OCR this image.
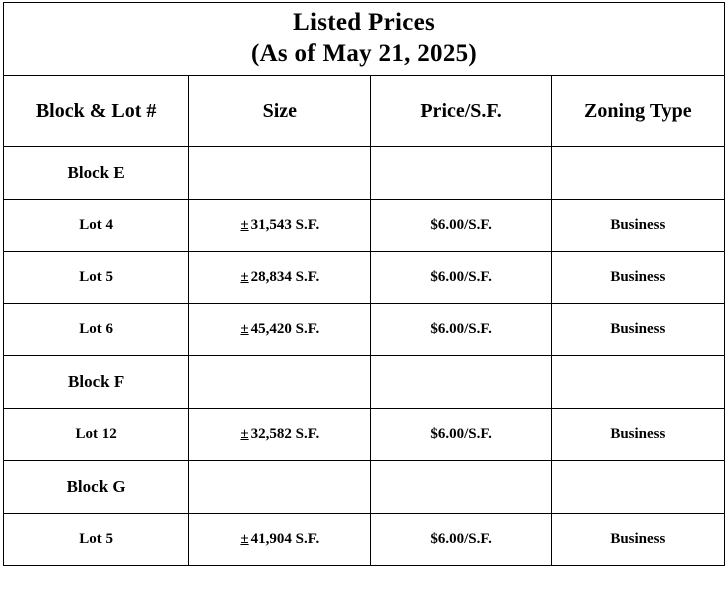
Listed Prices
(As of May 21, 2025)			

Block & Lot #	Size	Price/S.F.	Zoning Type
Block E			
Lot 4	± 31,543 S.F.	$6.00/S.F.	Business
Lot 5	± 28,834 S.F.	$6.00/S.F.	Business
Lot 6	± 45,420 S.F.	$6.00/S.F.	Business
Block F			
Lot 12	± 32,582 S.F.	$6.00/S.F.	Business
Block G			
Lot 5	± 41,904 S.F.	$6.00/S.F.	Business
